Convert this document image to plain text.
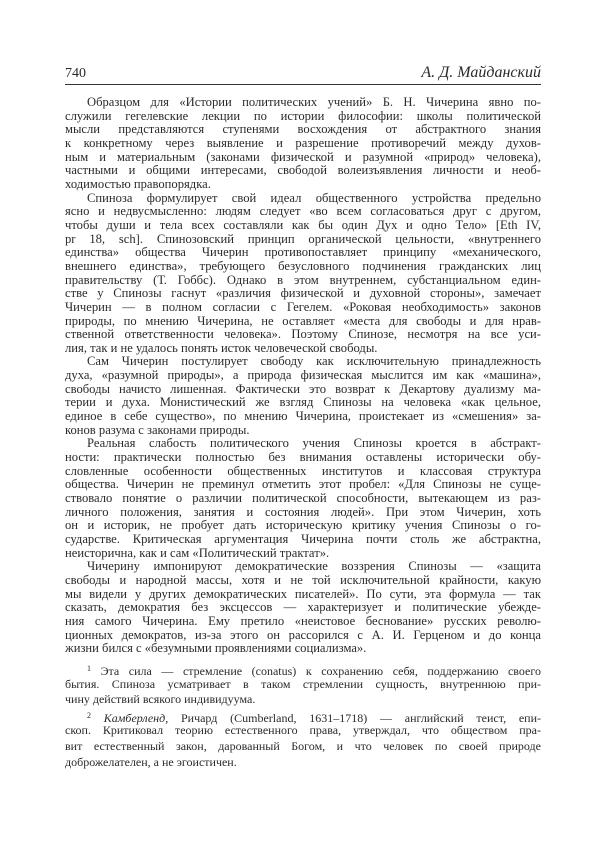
740	А. Д. Майданский
Образцом для «Истории политических учений» Б. Н. Чичерина явно по-
служили гегелевские лекции по истории философии: школы политической
мысли представляются ступенями восхождения от абстрактного знания
к конкретному через выявление и разрешение противоречий между духов-
ным и материальным (законами физической и разумной «природ» человека),
частными и общими интересами, свободой волеизъявления личности и необ-
ходимостью правопорядка.
Спиноза формулирует свой идеал общественного устройства предельно
ясно и недвусмысленно: людям следует «во всем согласоваться друг с другом,
чтобы души и тела всех составляли как бы один Дух и одно Тело» [Eth IV,
pr 18, sch]. Спинозовский принцип органической цельности, «внутреннего
единства» общества Чичерин противопоставляет принципу «механического,
внешнего единства», требующего безусловного подчинения гражданских лиц
правительству (Т. Гоббс). Однако в этом внутреннем, субстанциальном един-
стве у Спинозы гаснут «различия физической и духовной стороны», замечает
Чичерин — в полном согласии с Гегелем. «Роковая необходимость» законов
природы, по мнению Чичерина, не оставляет «места для свободы и для нрав-
ственной ответственности человека». Поэтому Спинозе, несмотря на все уси-
лия, так и не удалось понять исток человеческой свободы.
Сам Чичерин постулирует свободу как исключительную принадлежность
духа, «разумной природы», а природа физическая мыслится им как «машина»,
свободы начисто лишенная. Фактически это возврат к Декартову дуализму ма-
терии и духа. Монистический же взгляд Спинозы на человека «как цельное,
единое в себе существо», по мнению Чичерина, проистекает из «смешения» за-
конов разума с законами природы.
Реальная слабость политического учения Спинозы кроется в абстракт-
ности: практически полностью без внимания оставлены исторически обу-
словленные особенности общественных институтов и классовая структура
общества. Чичерин не преминул отметить этот пробел: «Для Спинозы не суще-
ствовало понятие о различии политической способности, вытекающем из раз-
личного положения, занятия и состояния людей». При этом Чичерин, хоть
он и историк, не пробует дать историческую критику учения Спинозы о го-
сударстве. Критическая аргументация Чичерина почти столь же абстрактна,
неисторична, как и сам «Политический трактат».
Чичерину импонируют демократические воззрения Спинозы — «защита
свободы и народной массы, хотя и не той исключительной крайности, какую
мы видели у других демократических писателей». По сути, эта формула — так
сказать, демократия без эксцессов — характеризует и политические убежде-
ния самого Чичерина. Ему претило «неистовое беснование» русских револю-
ционных демократов, из-за этого он рассорился с А. И. Герценом и до конца
жизни бился с «безумными проявлениями социализма».
$^1$ Эта сила — стремление (conatus) к сохранению себя, поддержанию своего
бытия. Спиноза усматривает в таком стремлении сущность, внутреннюю при-
чину действий всякого индивидуума.
$^2$ Камберленд, Ричард (Cumberland, 1631–1718) — английский теист, епи-
скоп. Критиковал теорию естественного права, утверждал, что обществом пра-
вит естественный закон, дарованный Богом, и что человек по своей природе
доброжелателен, а не эгоистичен.
